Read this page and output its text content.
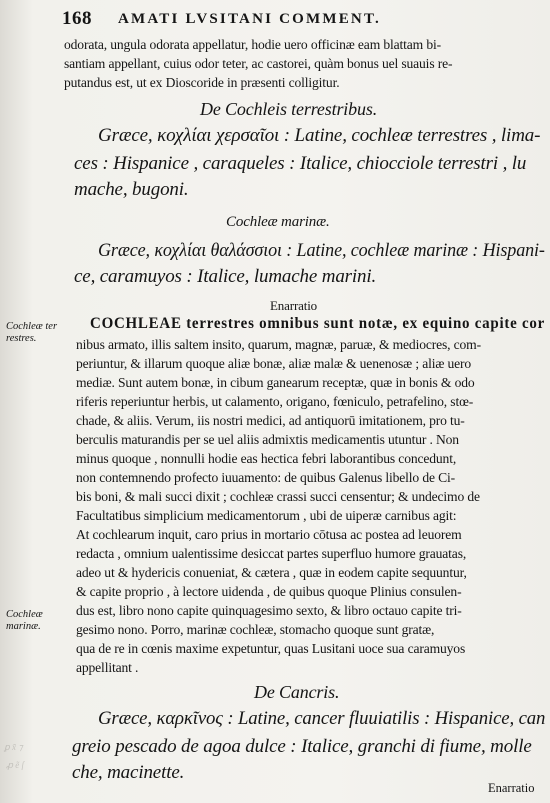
ꝑ x̃ ⁊
ꝓ ẽ ſ
168 AMATI LVSITANI COMMENT.
odorata, ungula odorata appellatur, hodie uero officinæ eam blattam bi-
santiam appellant, cuius odor teter, ac castorei, quàm bonus uel suauis re-
putandus est, ut ex Dioscoride in præsenti colligitur.
De Cochleis terrestribus.
Græce, κοχλίαι χερσαῖοι : Latine, cochleæ terrestres , lima-
ces : Hispanice , caraqueles : Italice, chiocciole terrestri , lu
mache, bugoni.
Cochleæ marinæ.
Græce, κοχλίαι θαλάσσιοι : Latine, cochleæ marinæ : Hispani-
ce, caramuyos : Italice, lumache marini.
Enarratio
Cochleæ ter
restres.
COCHLEAE terrestres omnibus sunt notæ, ex equino capite cor
nibus armato, illis saltem insito, quarum, magnæ, paruæ, & mediocres, com-
periuntur, & illarum quoque aliæ bonæ, aliæ malæ & uenenosæ ; aliæ uero
mediæ. Sunt autem bonæ, in cibum ganearum receptæ, quæ in bonis & odo
riferis reperiuntur herbis, ut calamento, origano, fœniculo, petrafelino, stœ-
chade, & aliis. Verum, iis nostri medici, ad antiquorū imitationem, pro tu-
berculis maturandis per se uel aliis admixtis medicamentis utuntur . Non
minus quoque , nonnulli hodie eas hectica febri laborantibus concedunt,
non contemnendo profecto iuuamento: de quibus Galenus libello de Ci-
bis boni, & mali succi dixit ; cochleæ crassi succi censentur; & undecimo de
Facultatibus simplicium medicamentorum , ubi de uiperæ carnibus agit:
At cochlearum inquit, caro prius in mortario cōtusa ac postea ad leuorem
redacta , omnium ualentissime desiccat partes superfluo humore grauatas,
adeo ut & hydericis conueniat, & cætera , quæ in eodem capite sequuntur,
& capite proprio , à lectore uidenda , de quibus quoque Plinius consulen-
dus est, libro nono capite quinquagesimo sexto, & libro octauo capite tri-
Cochleæ
marinæ.	gesimo nono. Porro, marinæ cochleæ, stomacho quoque sunt gratæ,
qua de re in cœnis maxime expetuntur, quas Lusitani uoce sua caramuyos
appellitant .
De Cancris.
Græce, καρκῖνος : Latine, cancer fluuiatilis : Hispanice, can
greio pescado de agoa dulce : Italice, granchi di fiume, molle
che, macinette.
Enarratio
